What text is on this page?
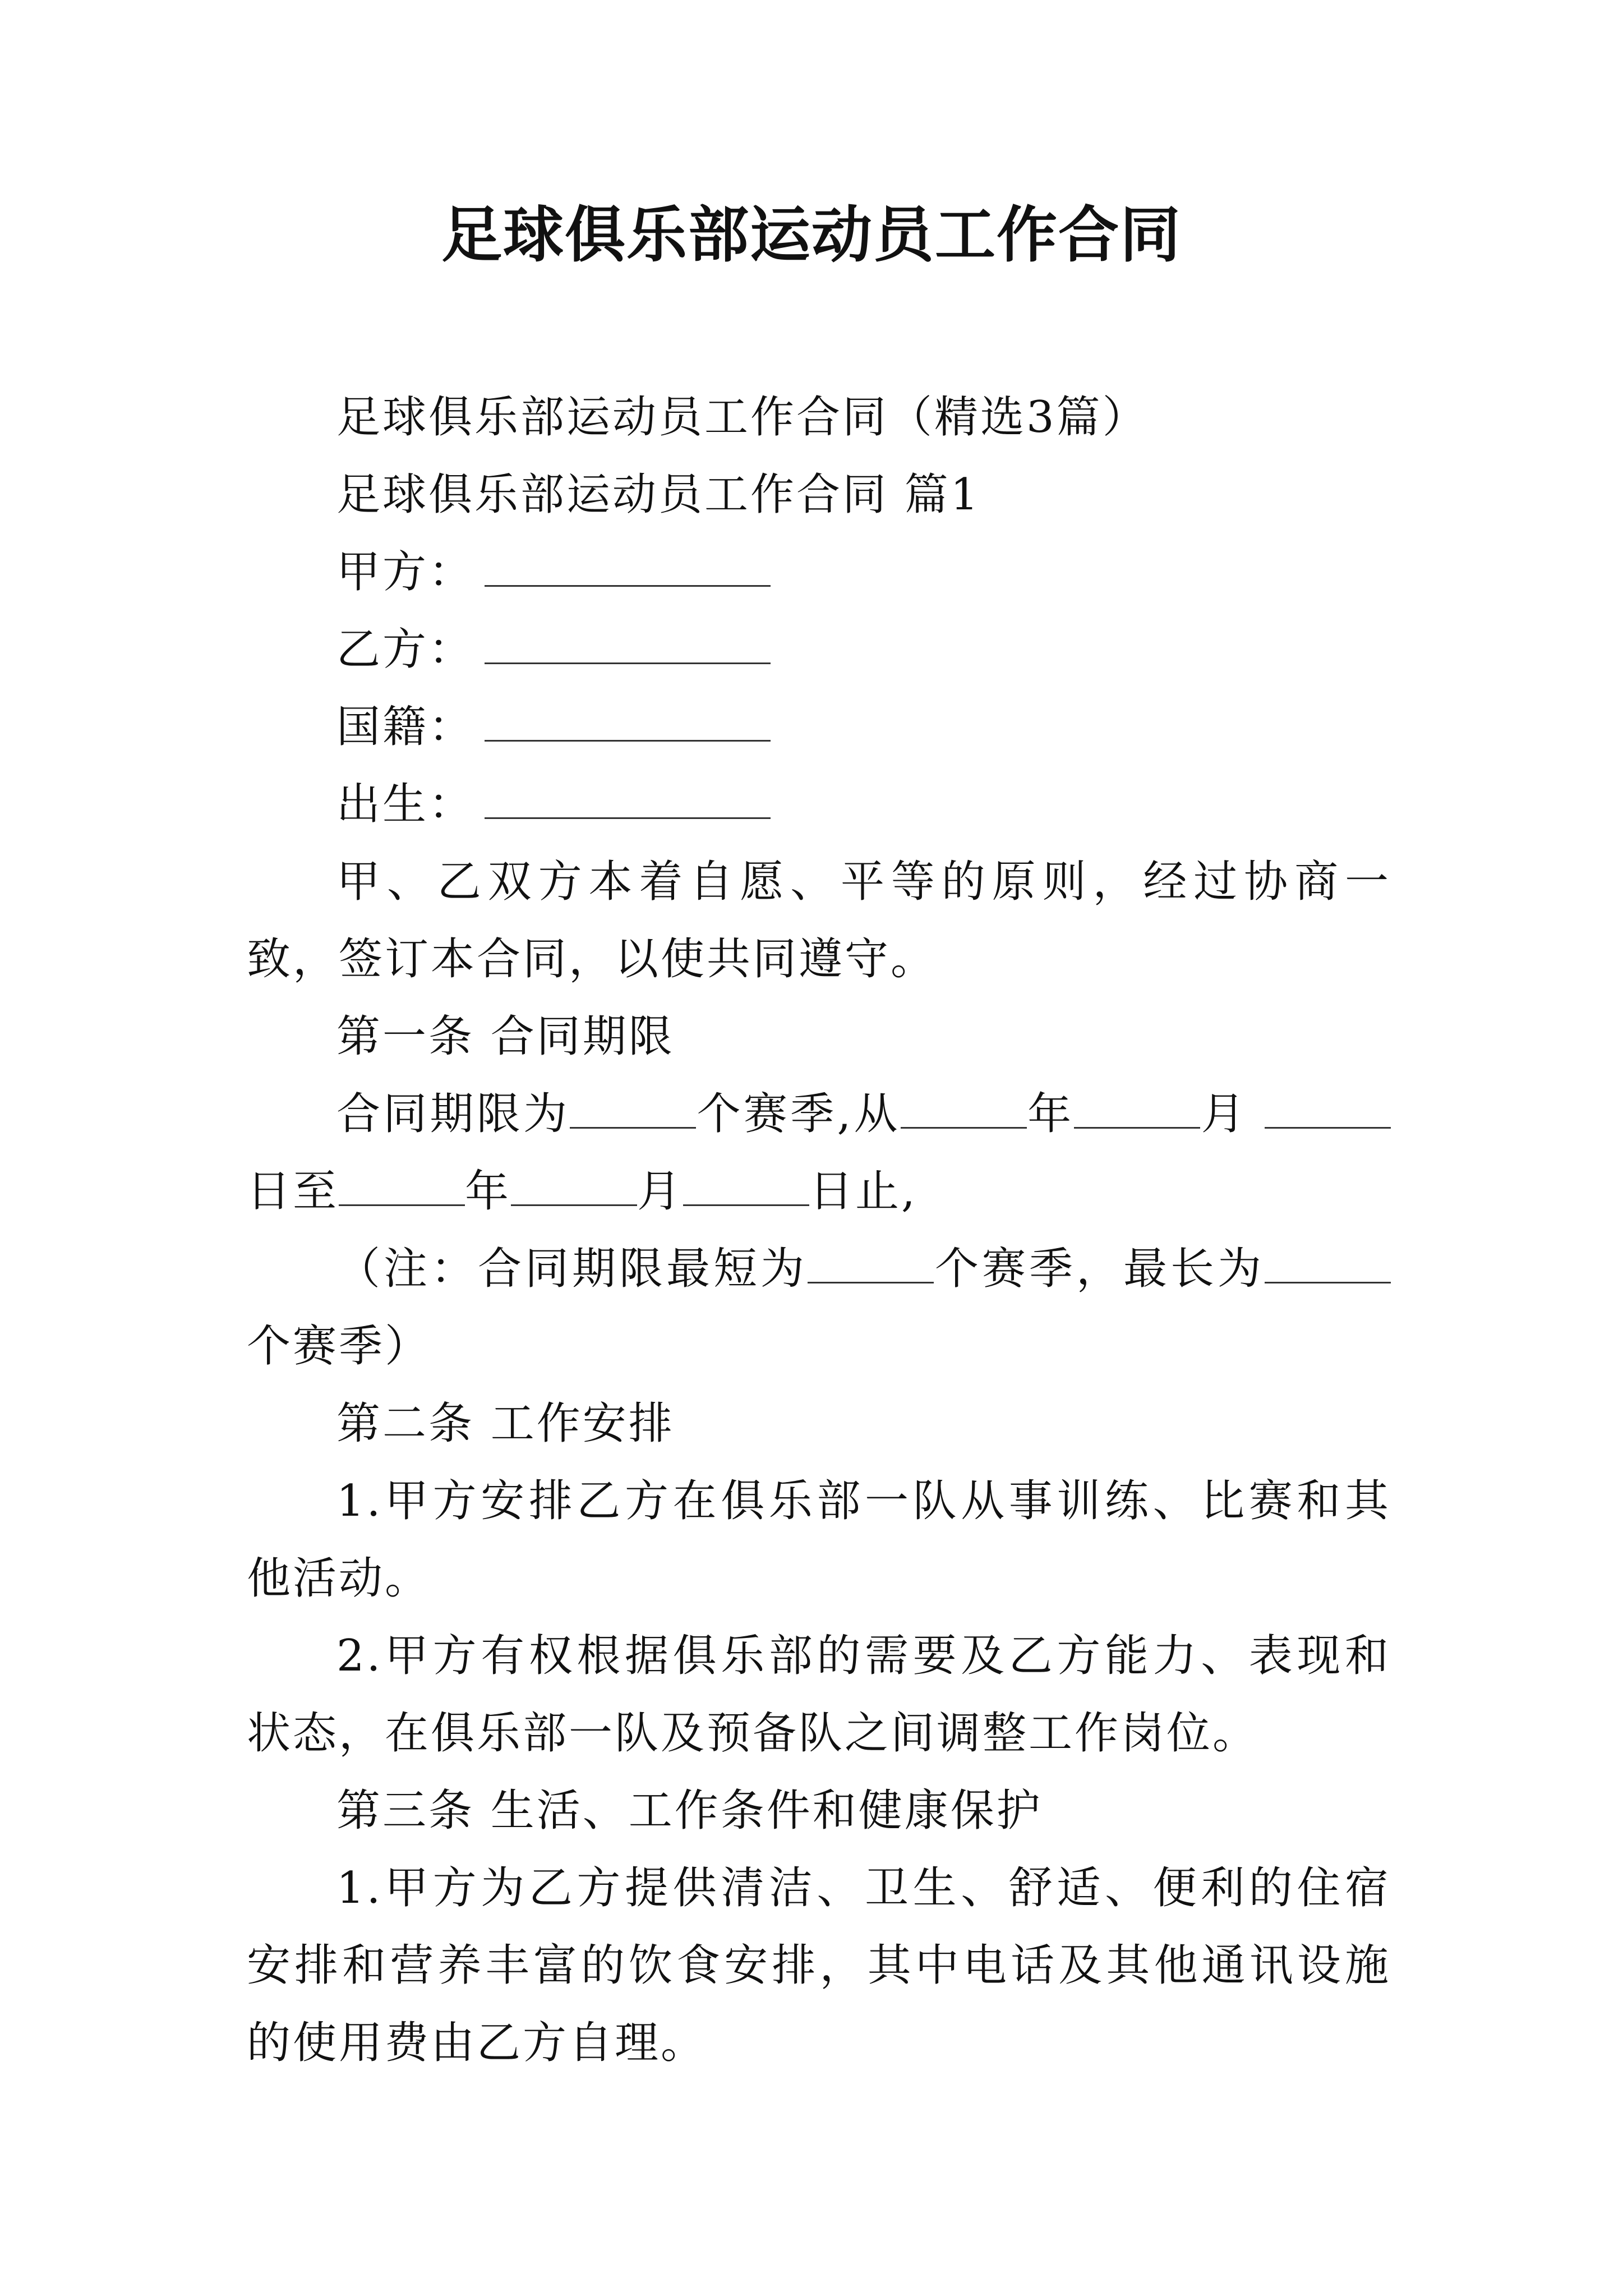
足球俱乐部运动员工作合同

足球俱乐部运动员工作合同（精选3篇）

足球俱乐部运动员工作合同 篇1

甲方：

乙方：

国籍：

出生：

甲、乙双方本着自愿、平等的原则，经过协商一致，签订本合同，以使共同遵守。

第一条 合同期限

合同期限为	个赛季,从	年	月 日至	年	月	日止,

（注：合同期限最短为	个赛季，最长为个赛季）

第二条 工作安排

1.甲方安排乙方在俱乐部一队从事训练、比赛和其他活动。

2.甲方有权根据俱乐部的需要及乙方能力、表现和状态，在俱乐部一队及预备队之间调整工作岗位。

第三条 生活、工作条件和健康保护

1.甲方为乙方提供清洁、卫生、舒适、便利的住宿安排和营养丰富的饮食安排，其中电话及其他通讯设施的使用费由乙方自理。
